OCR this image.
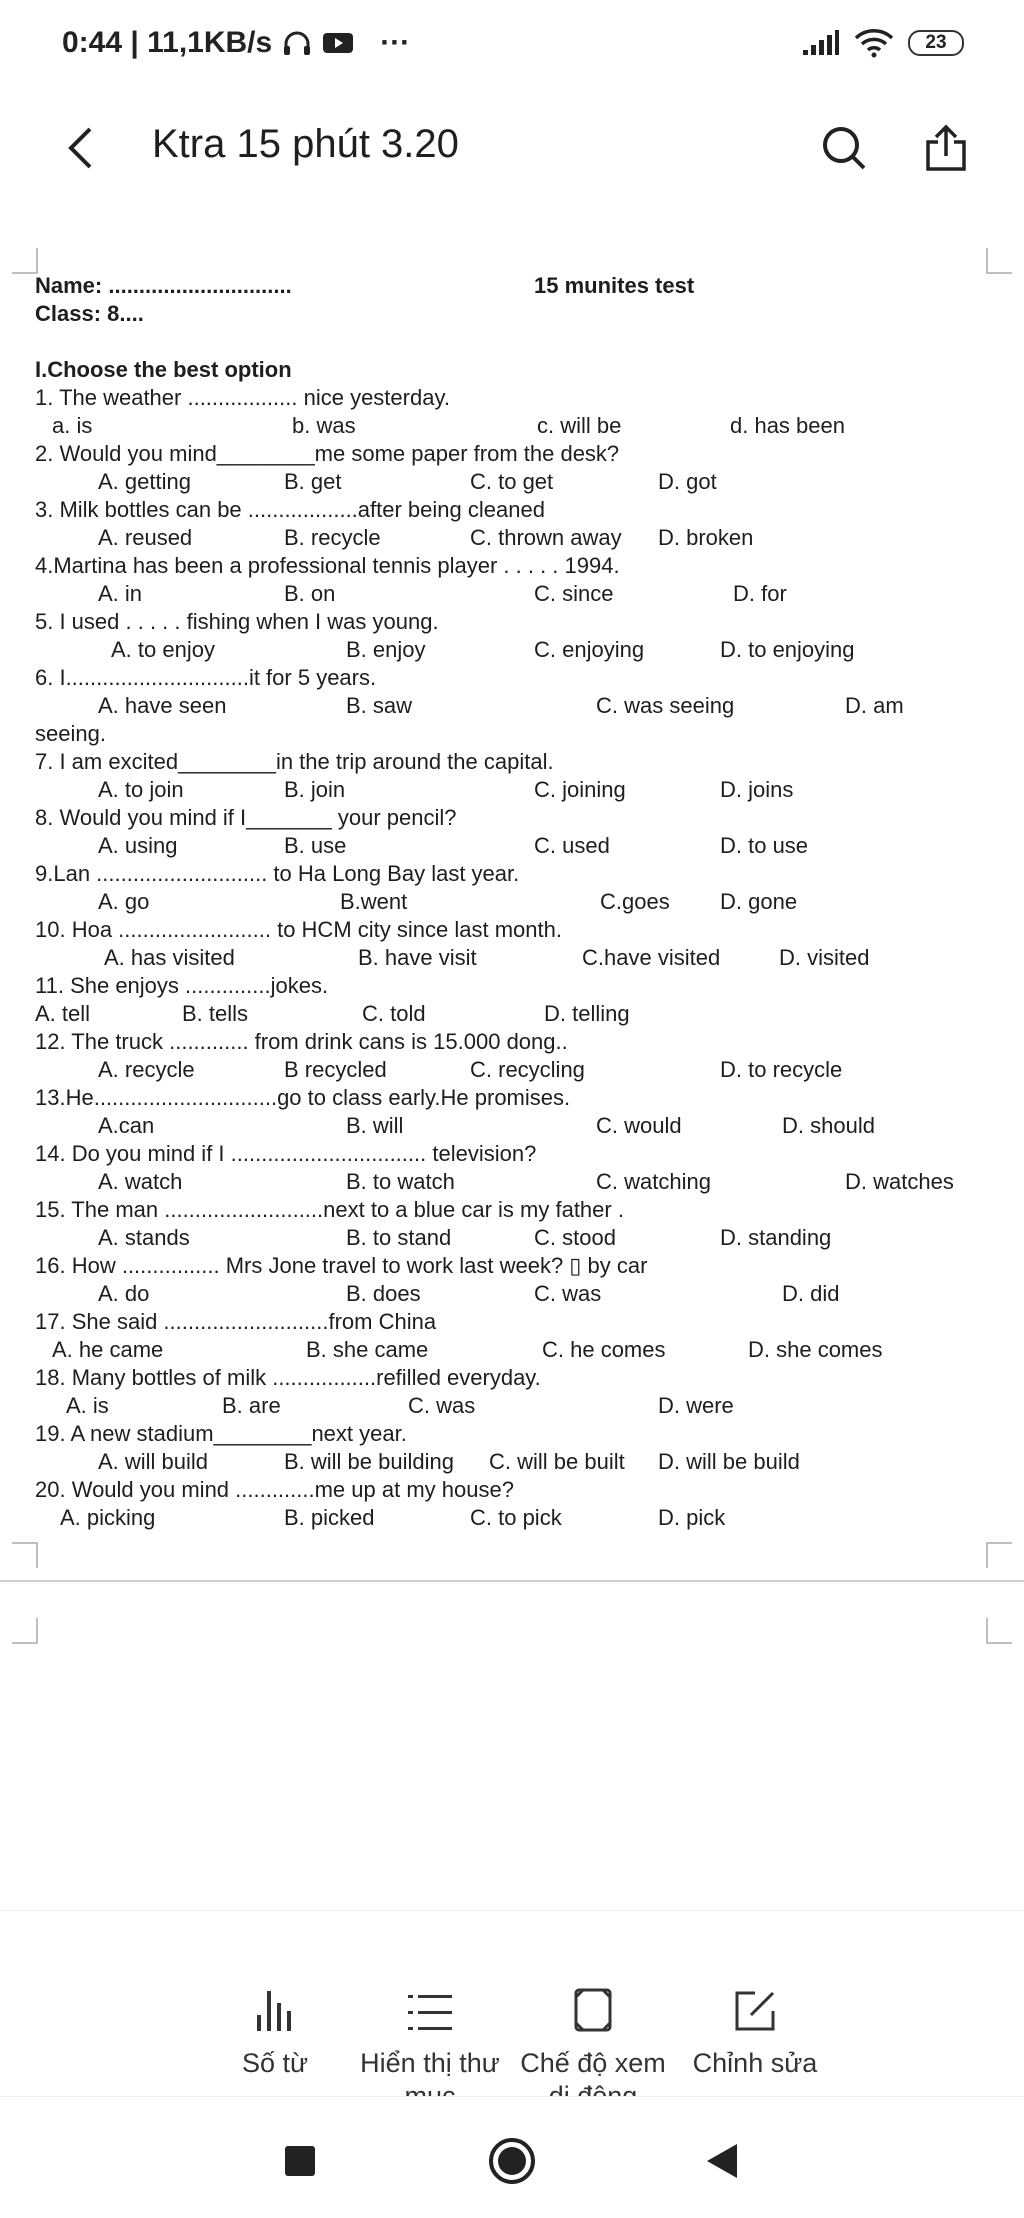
0:44 | 11,1KB/s	···	23
Ktra 15 phút 3.20
Name: ..............................	15 munites test
Class: 8....
I.Choose the best option
1. The weather .................. nice yesterday.
a. is	b. was	c. will be	d. has been
2. Would you mind________me some paper from the desk?
A. getting	B. get	C. to get	D. got
3. Milk bottles can be ..................after being cleaned
A. reused	B. recycle	C. thrown away D. broken
4.Martina has been a professional tennis player . . . . . 1994.
A. in	B. on	C. since	D. for
5. I used . . . . . fishing when I was young.
A. to enjoy	B. enjoy	C. enjoying	D. to enjoying
6. I..............................it for 5 years.
A. have seen	B. saw	C. was seeing	D. am
seeing.
7. I am excited________in the trip around the capital.
A. to join	B. join	C. joining	D. joins
8. Would you mind if I_______ your pencil?
A. using	B. use	C. used	D. to use
9.Lan ............................ to Ha Long Bay last year.
A. go	B.went	C.goes D. gone
10. Hoa ......................... to HCM city since last month.
A. has visited	B. have visit	C.have visited	D. visited
11. She enjoys ..............jokes.
A. tell	B. tells	C. told	D. telling
12. The truck ............. from drink cans is 15.000 dong..
A. recycle	B recycled	C. recycling	D. to recycle
13.He..............................go to class early.He promises.
A.can	B. will	C. would	D. should
14. Do you mind if I ................................ television?
A. watch	B. to watch	C. watching	D. watches
15. The man ..........................next to a blue car is my father .
A. stands	B. to stand	C. stood	D. standing
16. How ................ Mrs Jone travel to work last week? ▯ by car
A. do	B. does	C. was	D. did
17. She said ...........................from China
A. he came	B. she came	C. he comes	D. she comes
18. Many bottles of milk .................refilled everyday.
A. is	B. are	C. was	D. were
19. A new stadium________next year.
A. will build	B. will be building C. will be built D. will be build
20. Would you mind .............me up at my house?
A. picking	B. picked	C. to pick	D. pick
Số từ	Hiển thị thư Chế độ xem Chỉnh sửa
